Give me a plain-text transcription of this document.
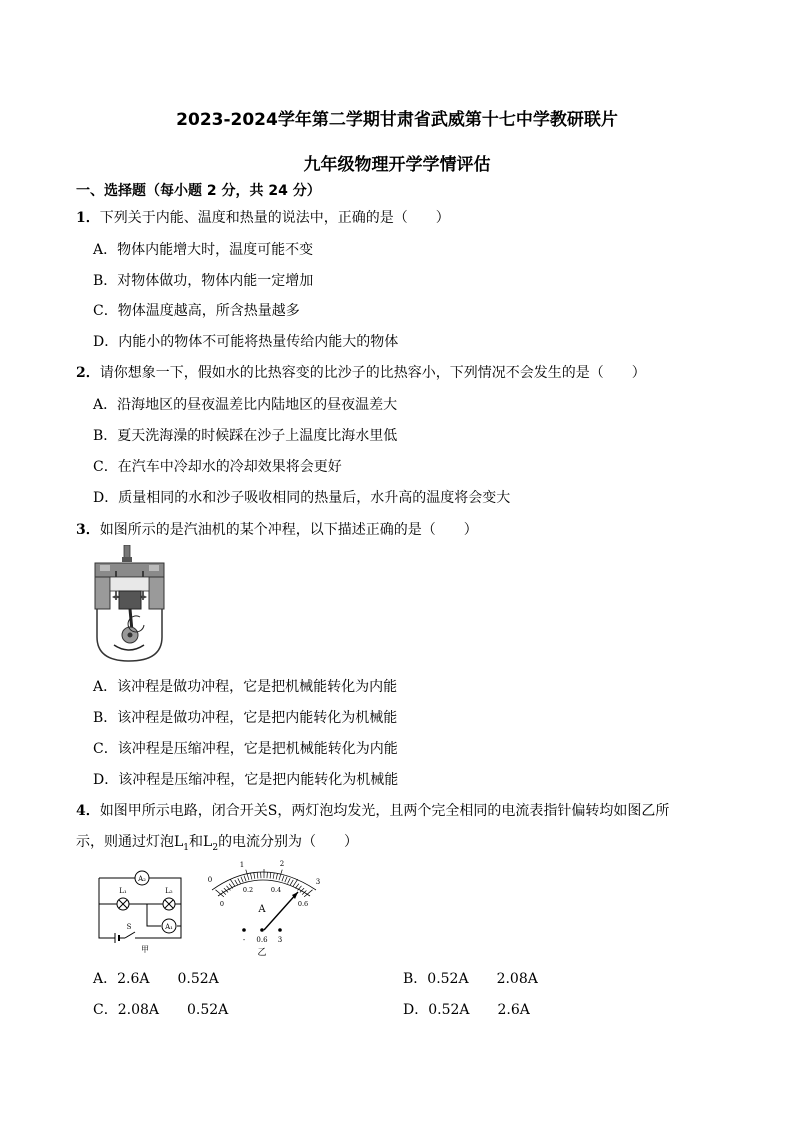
2023-2024学年第二学期甘肃省武威第十七中学教研联片
九年级物理开学学情评估
一、选择题（每小题 2 分，共 24 分）
1．下列关于内能、温度和热量的说法中，正确的是（　　）
A．物体内能增大时，温度可能不变
B．对物体做功，物体内能一定增加
C．物体温度越高，所含热量越多
D．内能小的物体不可能将热量传给内能大的物体
2．请你想象一下，假如水的比热容变的比沙子的比热容小，下列情况不会发生的是（　　）
A．沿海地区的昼夜温差比内陆地区的昼夜温差大
B．夏天洗海澡的时候踩在沙子上温度比海水里低
C．在汽车中冷却水的冷却效果将会更好
D．质量相同的水和沙子吸收相同的热量后，水升高的温度将会变大
3．如图所示的是汽油机的某个冲程，以下描述正确的是（　　）
A．该冲程是做功冲程，它是把机械能转化为内能
B．该冲程是做功冲程，它是把内能转化为机械能
C．该冲程是压缩冲程，它是把机械能转化为内能
D．该冲程是压缩冲程，它是把内能转化为机械能
4．如图甲所示电路，闭合开关S，两灯泡均发光，且两个完全相同的电流表指针偏转均如图乙所
示，则通过灯泡$L_1$和$L_2$的电流分别为（　　）
A₂
L₁	L₂
A₁
S
甲
0
1	2
3
0
0.2	0.4
0.6
A
- 0.6 3
乙
A．2.6A　　0.52A	B．0.52A　　2.08A
C．2.08A　　0.52A	D．0.52A　　2.6A
